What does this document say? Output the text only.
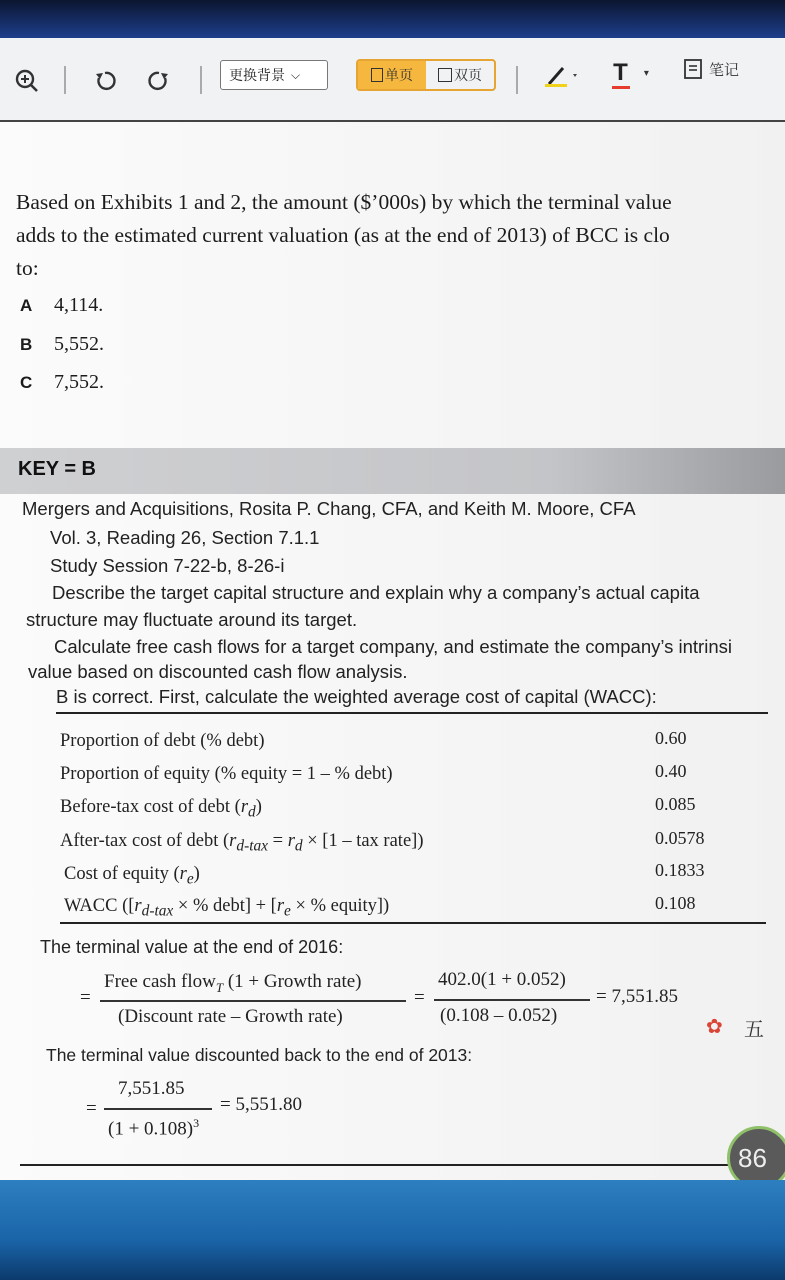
更换背景 ⌵	单页	双页	T ▾	笔记
Based on Exhibits 1 and 2, the amount ($’000s) by which the terminal value
adds to the estimated current valuation (as at the end of 2013) of BCC is clo
to:
A 4,114.
B 5,552.
C 7,552.
KEY = B
Mergers and Acquisitions, Rosita P. Chang, CFA, and Keith M. Moore, CFA
Vol. 3, Reading 26, Section 7.1.1
Study Session 7-22-b, 8-26-i
Describe the target capital structure and explain why a company’s actual capita
structure may fluctuate around its target.
Calculate free cash flows for a target company, and estimate the company’s intrinsi
value based on discounted cash flow analysis.
B is correct. First, calculate the weighted average cost of capital (WACC):
Proportion of debt (% debt)	0.60
Proportion of equity (% equity = 1 – % debt)	0.40
Before-tax cost of debt $(r_d)$	0.085
After-tax cost of debt ($r_{d-tax} = r_d \times [1$ – tax rate])	0.0578
Cost of equity $(r_e)$	0.1833
WACC ([$r_{d-tax}$ × % debt] + [$r_e$ × % equity])	0.108
The terminal value at the end of 2016:
=
Free cash flow$_T$ (1 + Growth rate)
(Discount rate – Growth rate)
=
402.0(1 + 0.052)
(0.108 – 0.052)
= 7,551.85
✿ 五
The terminal value discounted back to the end of 2013:
=
7,551.85
$(1 + 0.108)^3$
= 5,551.80
86
